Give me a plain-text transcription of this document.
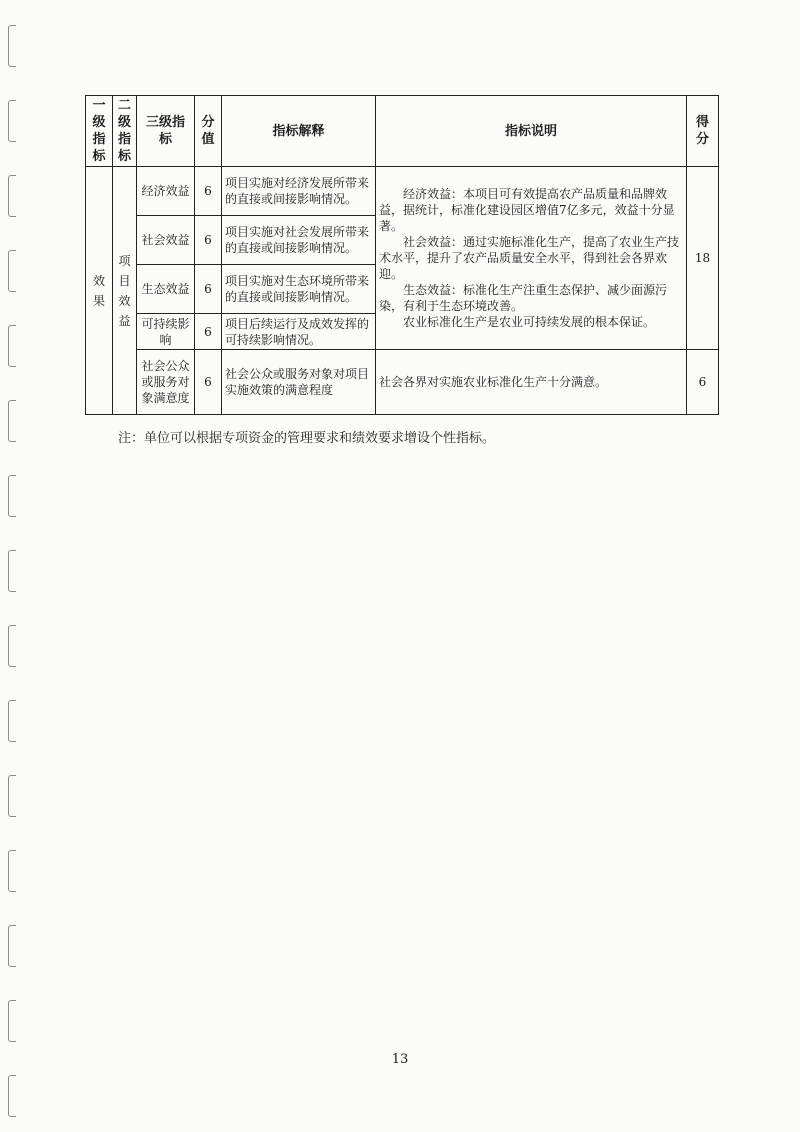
一级指标	二级指标	三级指标	分值	指标解释	指标说明	得分
效果	项目效益	经济效益	6	项目实施对经济发展所带来的直接或间接影响情况。	经济效益：本项目可有效提高农产品质量和品牌效益，据统计，标准化建设园区增值7亿多元，效益十分显著。

社会效益：通过实施标准化生产，提高了农业生产技术水平，提升了农产品质量安全水平，得到社会各界欢迎。

生态效益：标准化生产注重生态保护、减少面源污染，有利于生态环境改善。

农业标准化生产是农业可持续发展的根本保证。	18
		社会效益	6	项目实施对社会发展所带来的直接或间接影响情况。		
		生态效益	6	项目实施对生态环境所带来的直接或间接影响情况。		
		可持续影响	6	项目后续运行及成效发挥的可持续影响情况。		
		社会公众或服务对象满意度	6	社会公众或服务对象对项目实施效策的满意程度	社会各界对实施农业标准化生产十分满意。	6
注：单位可以根据专项资金的管理要求和绩效要求增设个性指标。
13
